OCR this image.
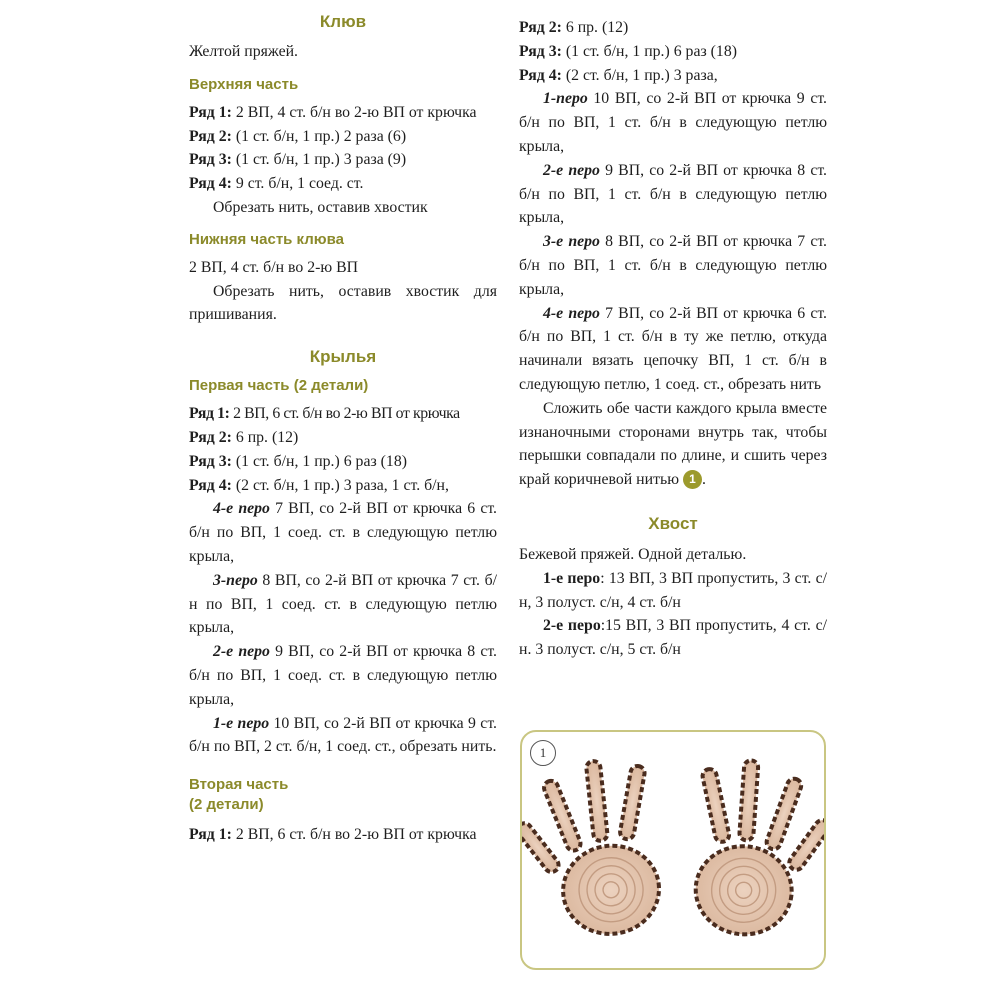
Клюв

Желтой пряжей.

Верхняя часть

Ряд 1: 2 ВП, 4 ст. б/н во 2-ю ВП от крючка

Ряд 2: (1 ст. б/н, 1 пр.) 2 раза (6)

Ряд 3: (1 ст. б/н, 1 пр.) 3 раза (9)

Ряд 4: 9 ст. б/н, 1 соед. ст.

Обрезать нить, оставив хвостик

Нижняя часть клюва

2 ВП, 4 ст. б/н во 2-ю ВП

Обрезать нить, оставив хвостик для пришивания.

Крылья
Первая часть (2 детали)

Ряд 1: 2 ВП, 6 ст. б/н во 2-ю ВП от крючка

Ряд 2: 6 пр. (12)

Ряд 3: (1 ст. б/н, 1 пр.) 6 раз (18)

Ряд 4: (2 ст. б/н, 1 пр.) 3 раза, 1 ст. б/н,

4-е перо 7 ВП, со 2-й ВП от крючка 6 ст. б/н по ВП, 1 соед. ст. в следующую петлю крыла,

3-перо 8 ВП, со 2-й ВП от крючка 7 ст. б/н по ВП, 1 соед. ст. в следующую петлю крыла,

2-е перо 9 ВП, со 2-й ВП от крючка 8 ст. б/н по ВП, 1 соед. ст. в следующую петлю крыла,

1-е перо 10 ВП, со 2-й ВП от крючка 9 ст. б/н по ВП, 2 ст. б/н, 1 соед. ст., обрезать нить.

Вторая часть
(2 детали)

Ряд 1: 2 ВП, 6 ст. б/н во 2-ю ВП от крючка

Ряд 2: 6 пр. (12)

Ряд 3: (1 ст. б/н, 1 пр.) 6 раз (18)

Ряд 4: (2 ст. б/н, 1 пр.) 3 раза,

1-перо 10 ВП, со 2-й ВП от крючка 9 ст. б/н по ВП, 1 ст. б/н в следующую петлю крыла,

2-е перо 9 ВП, со 2-й ВП от крючка 8 ст. б/н по ВП, 1 ст. б/н в следующую петлю крыла,

3-е перо 8 ВП, со 2-й ВП от крючка 7 ст. б/н по ВП, 1 ст. б/н в следующую петлю крыла,

4-е перо 7 ВП, со 2-й ВП от крючка 6 ст. б/н по ВП, 1 ст. б/н в ту же петлю, откуда начинали вязать цепочку ВП, 1 ст. б/н в следующую петлю, 1 соед. ст., обрезать нить

Сложить обе части каждого крыла вместе изнаночными сторонами внутрь так, чтобы перышки совпадали по длине, и сшить через край коричневой нитью 1 .

Хвост

Бежевой пряжей. Одной деталью.

1-е перо: 13 ВП, 3 ВП пропустить, 3 ст. с/н, 3 полуст. с/н, 4 ст. б/н

2-е перо:15 ВП, 3 ВП пропустить, 4 ст. с/н. 3 полуст. с/н, 5 ст. б/н

1
